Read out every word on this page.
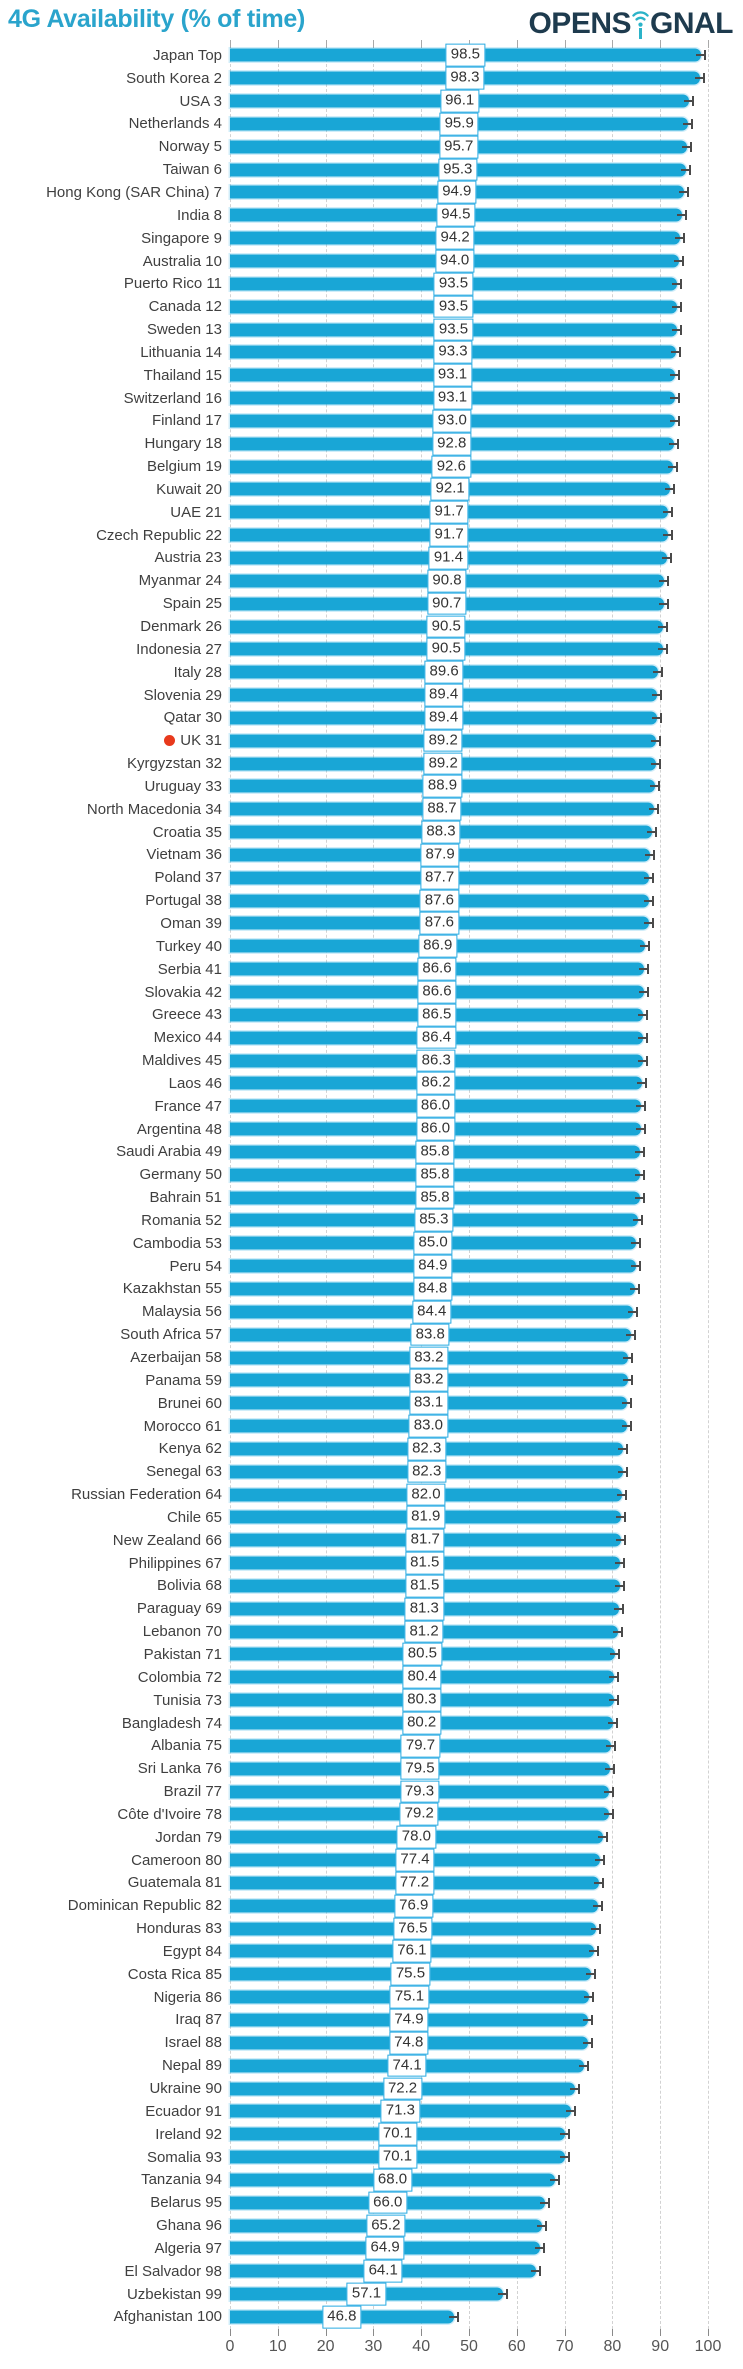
4G Availability (% of time)	OPENS GNAL
Japan Top	98.5
South Korea 2	98.3
USA 3	96.1
Netherlands 4	95.9
Norway 5	95.7
Taiwan 6	95.3
Hong Kong (SAR China) 7	94.9
India 8	94.5
Singapore 9	94.2
Australia 10	94.0
Puerto Rico 11	93.5
Canada 12	93.5
Sweden 13	93.5
Lithuania 14	93.3
Thailand 15	93.1
Switzerland 16	93.1
Finland 17	93.0
Hungary 18	92.8
Belgium 19	92.6
Kuwait 20	92.1
UAE 21	91.7
Czech Republic 22	91.7
Austria 23	91.4
Myanmar 24	90.8
Spain 25	90.7
Denmark 26	90.5
Indonesia 27	90.5
Italy 28	89.6
Slovenia 29	89.4
Qatar 30	89.4
UK 31	89.2
Kyrgyzstan 32	89.2
Uruguay 33	88.9
North Macedonia 34	88.7
Croatia 35	88.3
Vietnam 36	87.9
Poland 37	87.7
Portugal 38	87.6
Oman 39	87.6
Turkey 40	86.9
Serbia 41	86.6
Slovakia 42	86.6
Greece 43	86.5
Mexico 44	86.4
Maldives 45	86.3
Laos 46	86.2
France 47	86.0
Argentina 48	86.0
Saudi Arabia 49	85.8
Germany 50	85.8
Bahrain 51	85.8
Romania 52	85.3
Cambodia 53	85.0
Peru 54	84.9
Kazakhstan 55	84.8
Malaysia 56	84.4
South Africa 57	83.8
Azerbaijan 58	83.2
Panama 59	83.2
Brunei 60	83.1
Morocco 61	83.0
Kenya 62	82.3
Senegal 63	82.3
Russian Federation 64	82.0
Chile 65	81.9
New Zealand 66	81.7
Philippines 67	81.5
Bolivia 68	81.5
Paraguay 69	81.3
Lebanon 70	81.2
Pakistan 71	80.5
Colombia 72	80.4
Tunisia 73	80.3
Bangladesh 74	80.2
Albania 75	79.7
Sri Lanka 76	79.5
Brazil 77	79.3
Côte d'Ivoire 78	79.2
Jordan 79	78.0
Cameroon 80	77.4
Guatemala 81	77.2
Dominican Republic 82	76.9
Honduras 83	76.5
Egypt 84	76.1
Costa Rica 85	75.5
Nigeria 86	75.1
Iraq 87	74.9
Israel 88	74.8
Nepal 89	74.1
Ukraine 90	72.2
Ecuador 91	71.3
Ireland 92	70.1
Somalia 93	70.1
Tanzania 94	68.0
Belarus 95	66.0
Ghana 96	65.2
Algeria 97	64.9
El Salvador 98	64.1
Uzbekistan 99	57.1
Afghanistan 100	46.8
0 10 20 30 40 50 60 70 80 90 100
